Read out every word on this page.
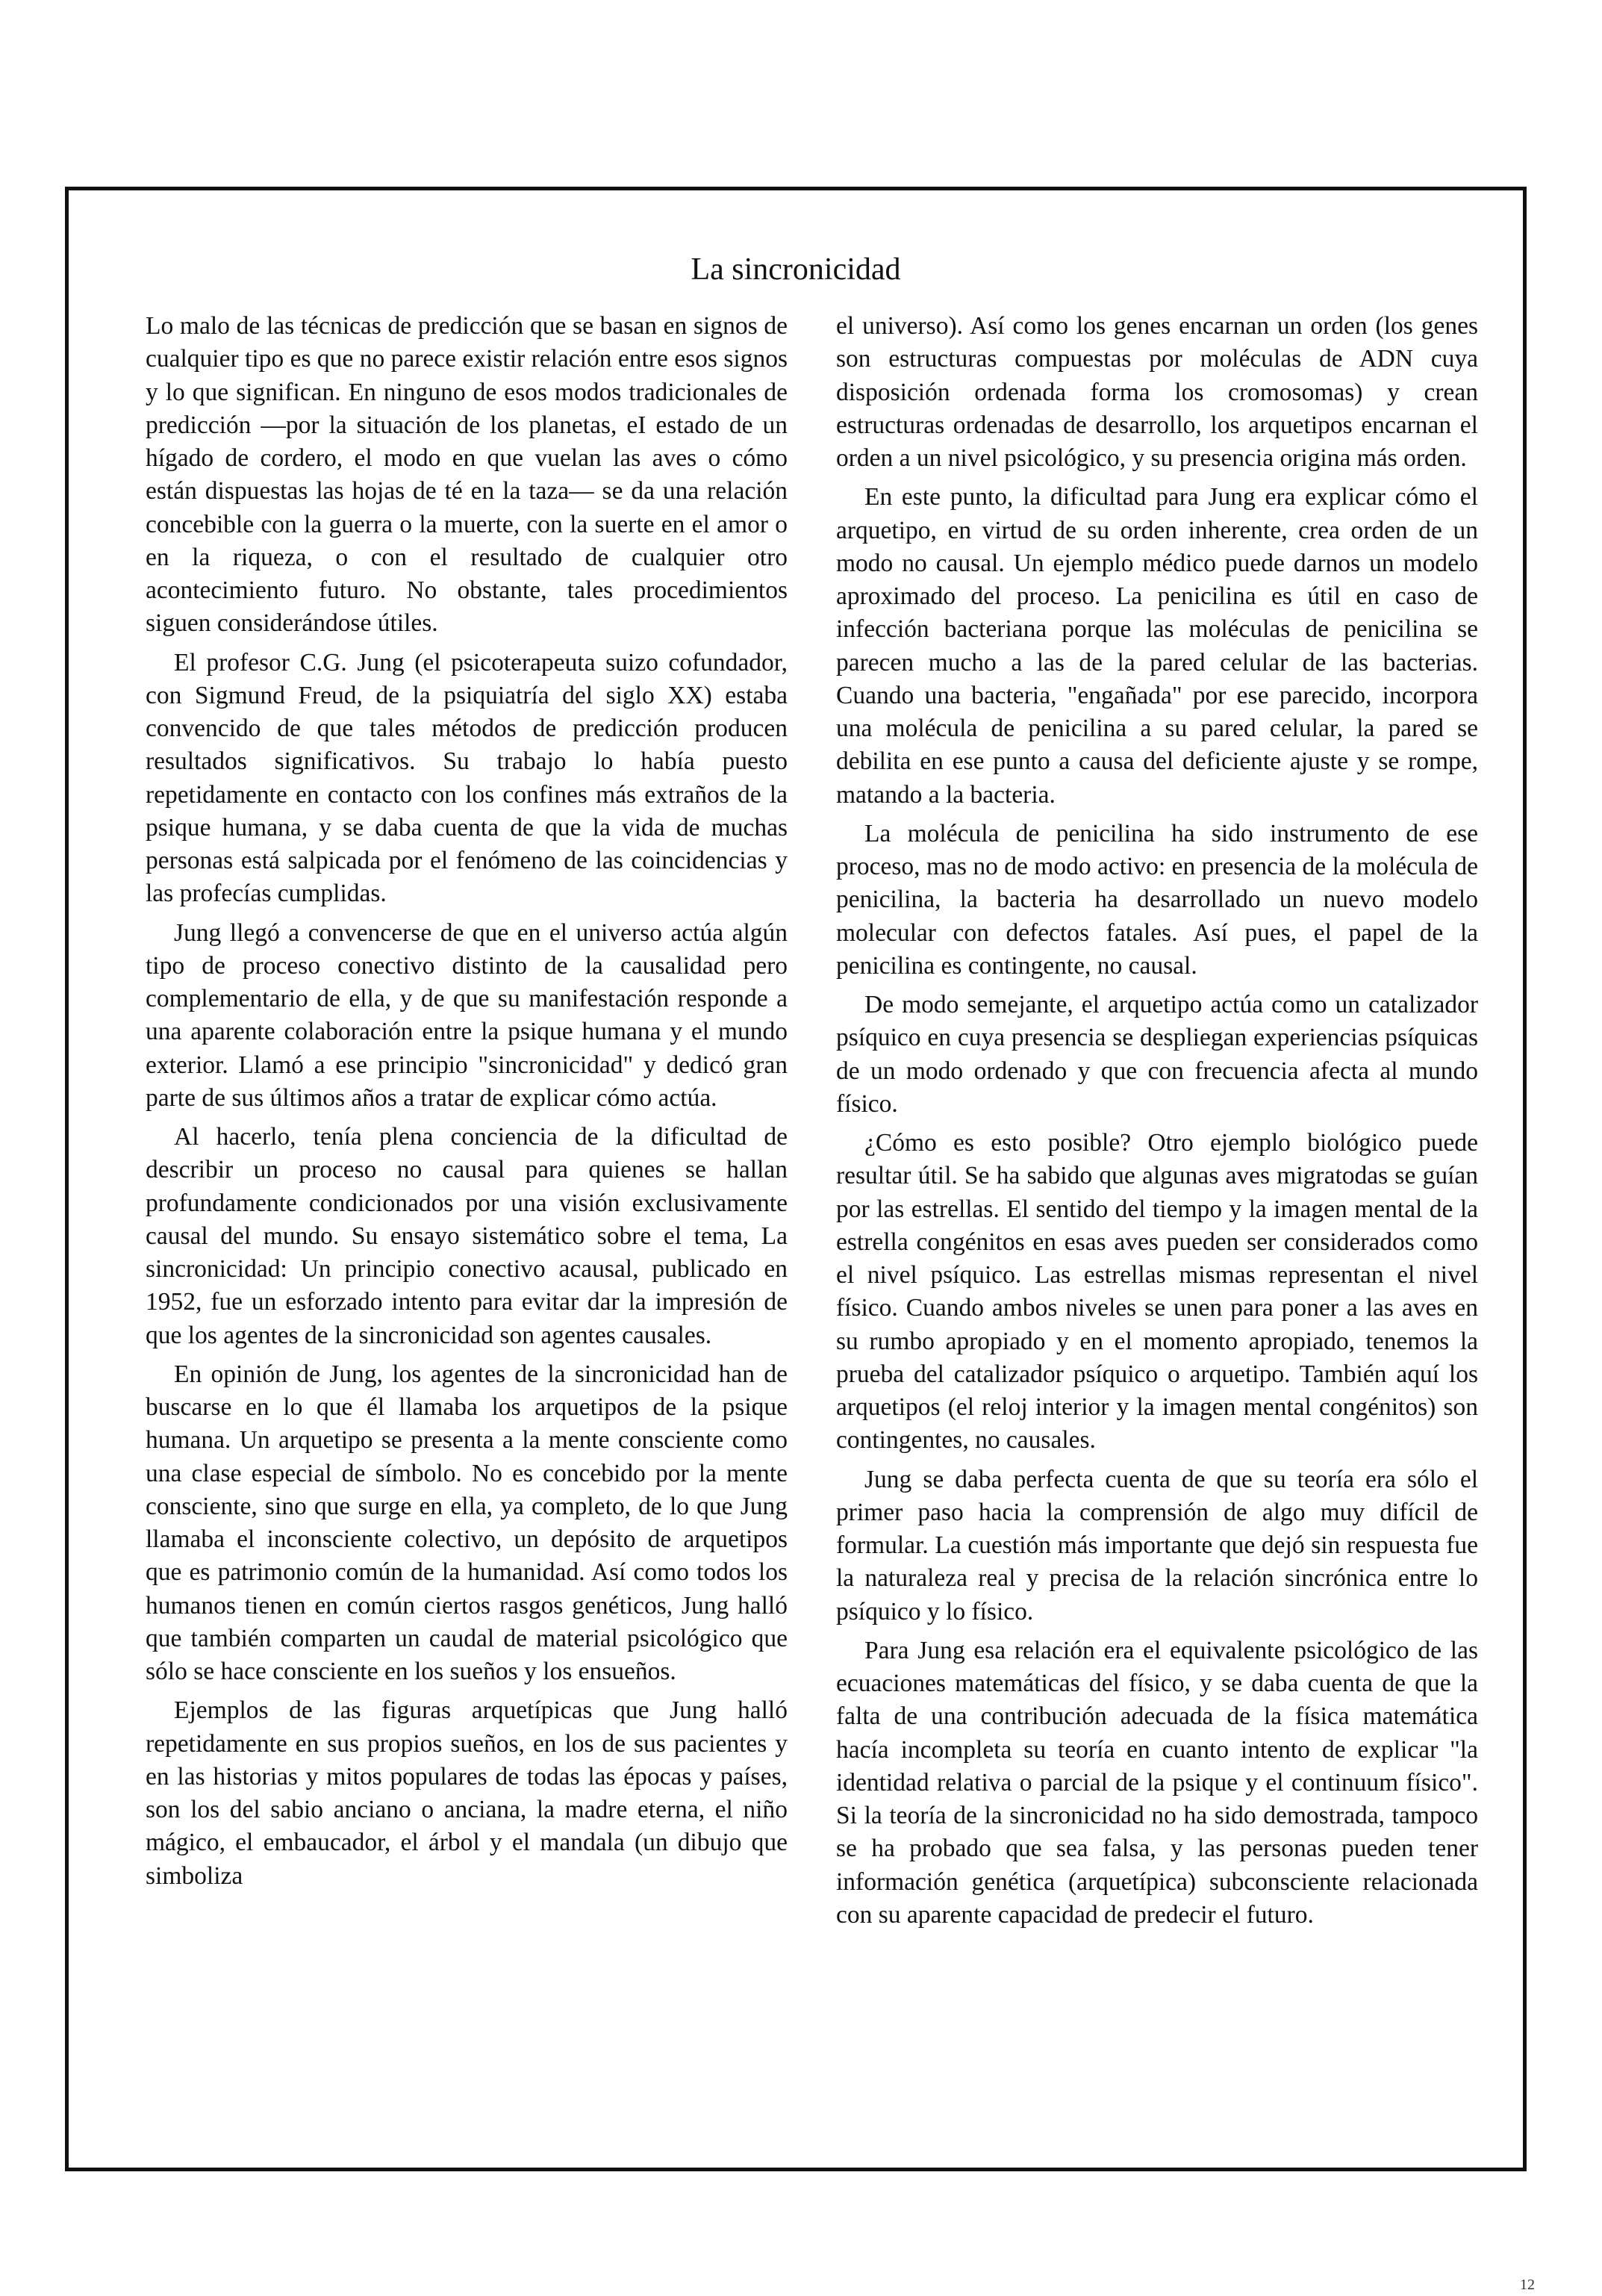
La sincronicidad

Lo malo de las técnicas de predicción que se basan en signos de cualquier tipo es que no parece existir relación entre esos signos y lo que significan. En ninguno de esos modos tradicionales de predicción —por la situación de los planetas, eI estado de un hígado de cordero, el modo en que vuelan las aves o cómo están dispuestas las hojas de té en la taza— se da una relación concebible con la guerra o la muerte, con la suerte en el amor o en la riqueza, o con el resultado de cualquier otro acontecimiento futuro. No obstante, tales procedimientos siguen considerándose útiles.

El profesor C.G. Jung (el psicoterapeuta suizo cofundador, con Sigmund Freud, de la psiquiatría del siglo XX) estaba convencido de que tales métodos de predicción producen resultados significativos. Su trabajo lo había puesto repetidamente en contacto con los confines más extraños de la psique humana, y se daba cuenta de que la vida de muchas personas está salpicada por el fenómeno de las coincidencias y las profecías cumplidas.

Jung llegó a convencerse de que en el universo actúa algún tipo de proceso conectivo distinto de la causalidad pero complementario de ella, y de que su manifestación responde a una aparente colaboración entre la psique humana y el mundo exterior. Llamó a ese principio "sincronicidad" y dedicó gran parte de sus últimos años a tratar de explicar cómo actúa.

Al hacerlo, tenía plena conciencia de la dificultad de describir un proceso no causal para quienes se hallan profundamente condicionados por una visión exclusivamente causal del mundo. Su ensayo sistemático sobre el tema, La sincronicidad: Un principio conectivo acausal, publicado en 1952, fue un esforzado intento para evitar dar la impresión de que los agentes de la sincronicidad son agentes causales.

En opinión de Jung, los agentes de la sincronicidad han de buscarse en lo que él llamaba los arquetipos de la psique humana. Un arquetipo se presenta a la mente consciente como una clase especial de símbolo. No es concebido por la mente consciente, sino que surge en ella, ya completo, de lo que Jung llamaba el inconsciente colectivo, un depósito de arquetipos que es patrimonio común de la humanidad. Así como todos los humanos tienen en común ciertos rasgos genéticos, Jung halló que también comparten un caudal de material psicológico que sólo se hace consciente en los sueños y los ensueños.

Ejemplos de las figuras arquetípicas que Jung halló repetidamente en sus propios sueños, en los de sus pacientes y en las historias y mitos populares de todas las épocas y países, son los del sabio anciano o anciana, la madre eterna, el niño mágico, el embaucador, el árbol y el mandala (un dibujo que simboliza

el universo). Así como los genes encarnan un orden (los genes son estructuras compuestas por moléculas de ADN cuya disposición ordenada forma los cromosomas) y crean estructuras ordenadas de desarrollo, los arquetipos encarnan el orden a un nivel psicológico, y su presencia origina más orden.

En este punto, la dificultad para Jung era explicar cómo el arquetipo, en virtud de su orden inherente, crea orden de un modo no causal. Un ejemplo médico puede darnos un modelo aproximado del proceso. La penicilina es útil en caso de infección bacteriana porque las moléculas de penicilina se parecen mucho a las de la pared celular de las bacterias. Cuando una bacteria, "engañada" por ese parecido, incorpora una molécula de penicilina a su pared celular, la pared se debilita en ese punto a causa del deficiente ajuste y se rompe, matando a la bacteria.

La molécula de penicilina ha sido instrumento de ese proceso, mas no de modo activo: en presencia de la molécula de penicilina, la bacteria ha desarrollado un nuevo modelo molecular con defectos fatales. Así pues, el papel de la penicilina es contingente, no causal.

De modo semejante, el arquetipo actúa como un catalizador psíquico en cuya presencia se despliegan experiencias psíquicas de un modo ordenado y que con frecuencia afecta al mundo físico.

¿Cómo es esto posible? Otro ejemplo biológico puede resultar útil. Se ha sabido que algunas aves migratodas se guían por las estrellas. El sentido del tiempo y la imagen mental de la estrella congénitos en esas aves pueden ser considerados como el nivel psíquico. Las estrellas mismas representan el nivel físico. Cuando ambos niveles se unen para poner a las aves en su rumbo apropiado y en el momento apropiado, tenemos la prueba del catalizador psíquico o arquetipo. También aquí los arquetipos (el reloj interior y la imagen mental congénitos) son contingentes, no causales.

Jung se daba perfecta cuenta de que su teoría era sólo el primer paso hacia la comprensión de algo muy difícil de formular. La cuestión más importante que dejó sin respuesta fue la naturaleza real y precisa de la relación sincrónica entre lo psíquico y lo físico.

Para Jung esa relación era el equivalente psicológico de las ecuaciones matemáticas del físico, y se daba cuenta de que la falta de una contribución adecuada de la física matemática hacía incompleta su teoría en cuanto intento de explicar "la identidad relativa o parcial de la psique y el continuum físico". Si la teoría de la sincronicidad no ha sido demostrada, tampoco se ha probado que sea falsa, y las personas pueden tener información genética (arquetípica) subconsciente relacionada con su aparente capacidad de predecir el futuro.

12
